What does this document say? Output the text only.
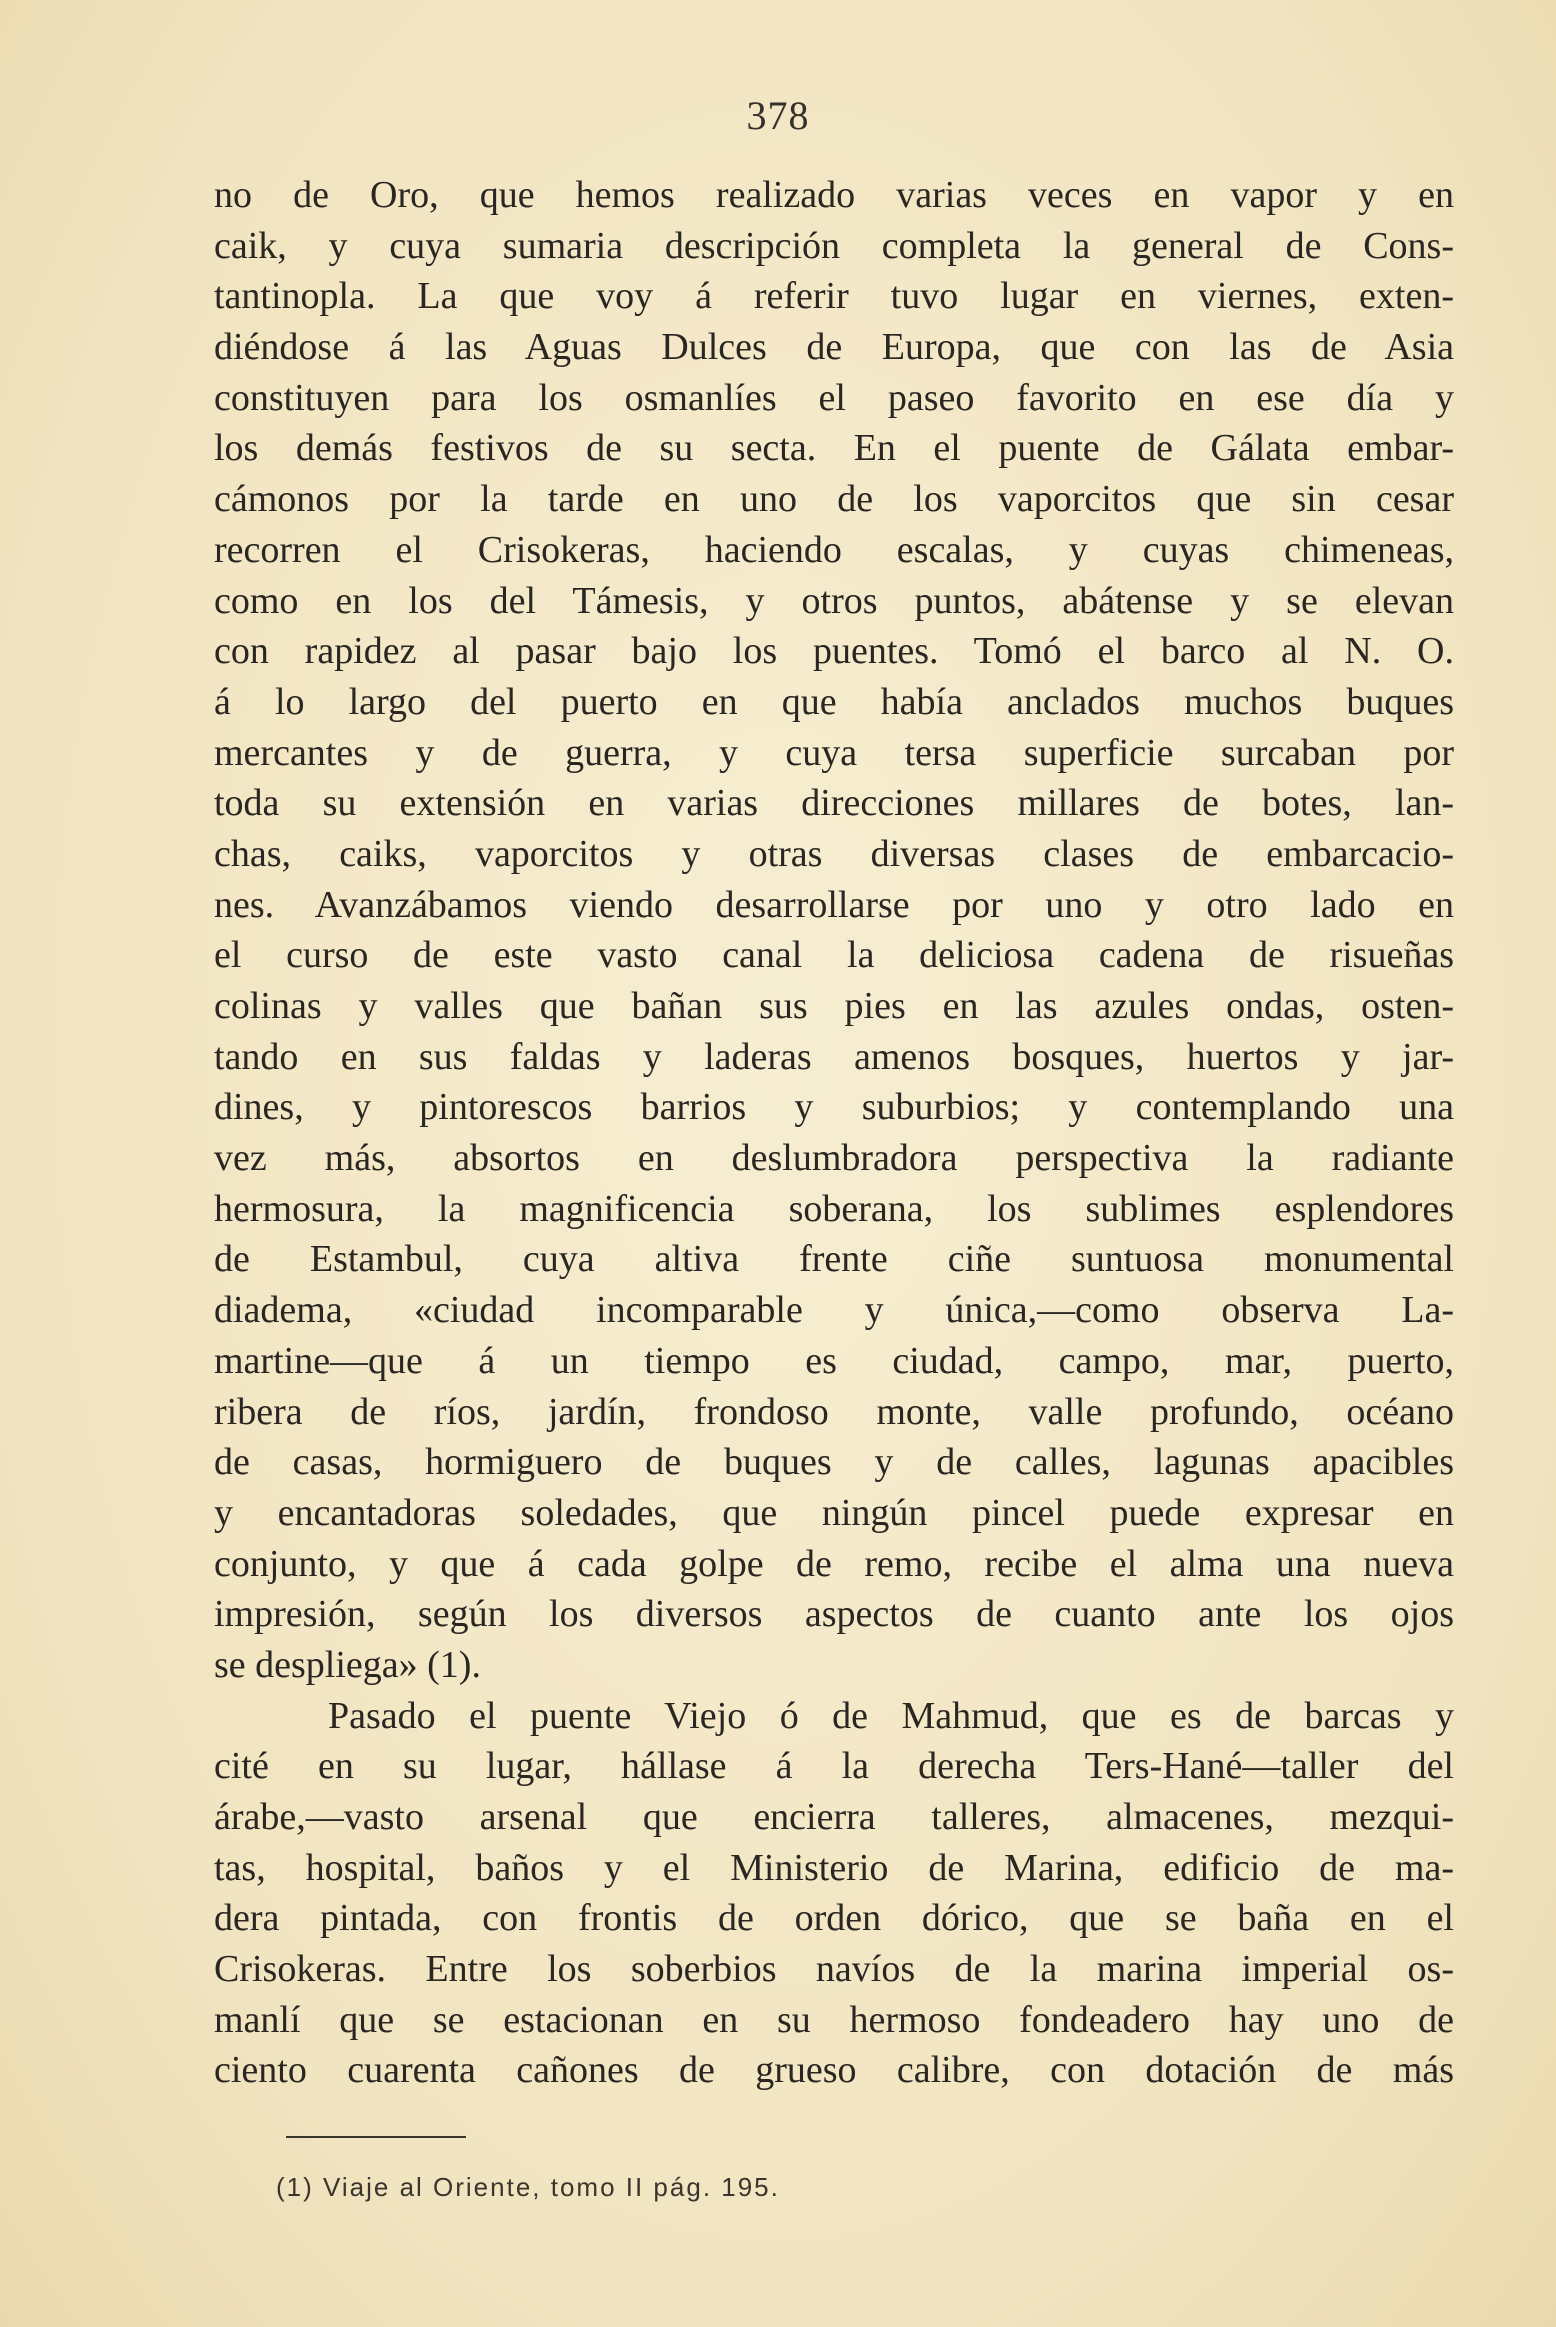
378
no de Oro, que hemos realizado varias veces en vapor y en
caik, y cuya sumaria descripción completa la general de Cons-
tantinopla. La que voy á referir tuvo lugar en viernes, exten-
diéndose á las Aguas Dulces de Europa, que con las de Asia
constituyen para los osmanlíes el paseo favorito en ese día y
los demás festivos de su secta. En el puente de Gálata embar-
cámonos por la tarde en uno de los vaporcitos que sin cesar
recorren el Crisokeras, haciendo escalas, y cuyas chimeneas,
como en los del Támesis, y otros puntos, abátense y se elevan
con rapidez al pasar bajo los puentes. Tomó el barco al N. O.
á lo largo del puerto en que había anclados muchos buques
mercantes y de guerra, y cuya tersa superficie surcaban por
toda su extensión en varias direcciones millares de botes, lan-
chas, caiks, vaporcitos y otras diversas clases de embarcacio-
nes. Avanzábamos viendo desarrollarse por uno y otro lado en
el curso de este vasto canal la deliciosa cadena de risueñas
colinas y valles que bañan sus pies en las azules ondas, osten-
tando en sus faldas y laderas amenos bosques, huertos y jar-
dines, y pintorescos barrios y suburbios; y contemplando una
vez más, absortos en deslumbradora perspectiva la radiante
hermosura, la magnificencia soberana, los sublimes esplendores
de Estambul, cuya altiva frente ciñe suntuosa monumental
diadema, «ciudad incomparable y única,—como observa La-
martine—que á un tiempo es ciudad, campo, mar, puerto,
ribera de ríos, jardín, frondoso monte, valle profundo, océano
de casas, hormiguero de buques y de calles, lagunas apacibles
y encantadoras soledades, que ningún pincel puede expresar en
conjunto, y que á cada golpe de remo, recibe el alma una nueva
impresión, según los diversos aspectos de cuanto ante los ojos
se despliega» (1).
Pasado el puente Viejo ó de Mahmud, que es de barcas y
cité en su lugar, hállase á la derecha Ters-Hané—taller del
árabe,—vasto arsenal que encierra talleres, almacenes, mezqui-
tas, hospital, baños y el Ministerio de Marina, edificio de ma-
dera pintada, con frontis de orden dórico, que se baña en el
Crisokeras. Entre los soberbios navíos de la marina imperial os-
manlí que se estacionan en su hermoso fondeadero hay uno de
ciento cuarenta cañones de grueso calibre, con dotación de más
(1) Viaje al Oriente, tomo II pág. 195.
